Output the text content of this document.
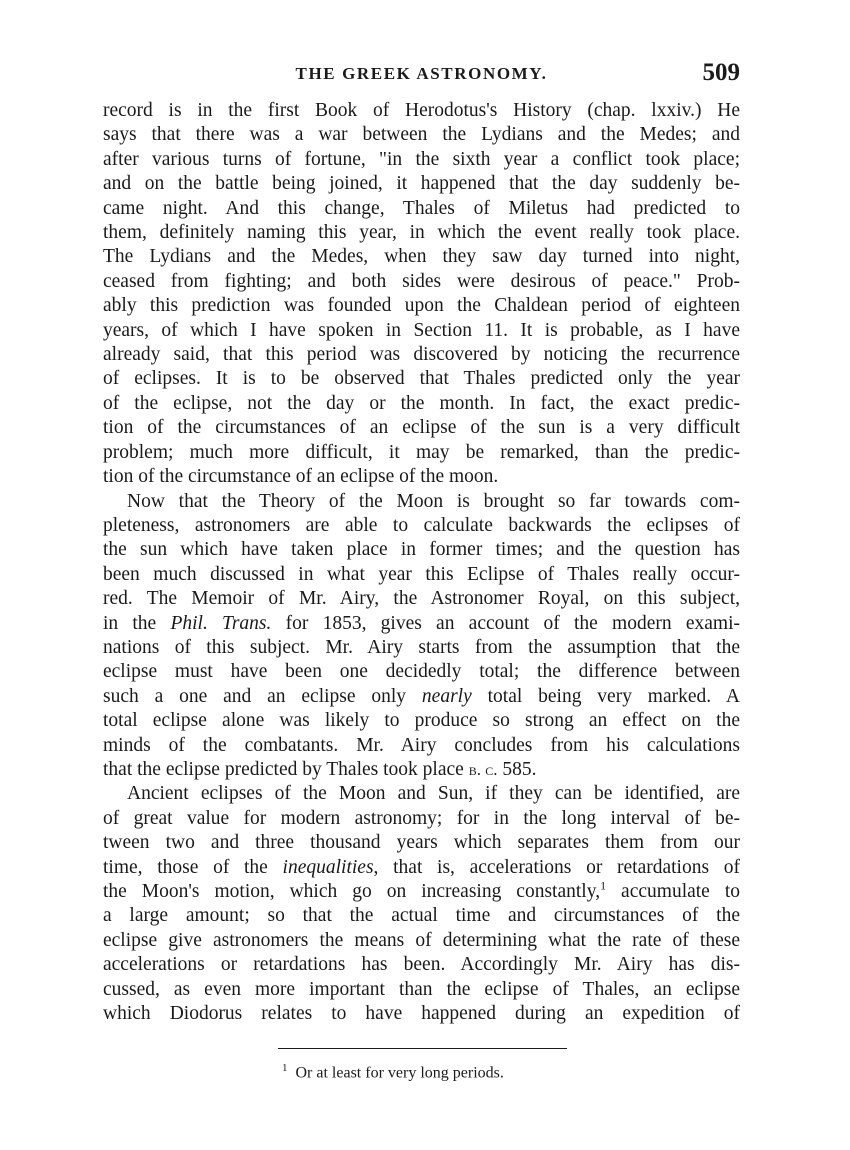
THE GREEK ASTRONOMY.	509

record is in the first Book of Herodotus's History (chap. lxxiv.) He
says that there was a war between the Lydians and the Medes; and
after various turns of fortune, "in the sixth year a conflict took place;
and on the battle being joined, it happened that the day suddenly be-
came night. And this change, Thales of Miletus had predicted to
them, definitely naming this year, in which the event really took place.
The Lydians and the Medes, when they saw day turned into night,
ceased from fighting; and both sides were desirous of peace." Prob-
ably this prediction was founded upon the Chaldean period of eighteen
years, of which I have spoken in Section 11. It is probable, as I have
already said, that this period was discovered by noticing the recurrence
of eclipses. It is to be observed that Thales predicted only the year
of the eclipse, not the day or the month. In fact, the exact predic-
tion of the circumstances of an eclipse of the sun is a very difficult
problem; much more difficult, it may be remarked, than the predic-
tion of the circumstance of an eclipse of the moon.

Now that the Theory of the Moon is brought so far towards com-
pleteness, astronomers are able to calculate backwards the eclipses of
the sun which have taken place in former times; and the question has
been much discussed in what year this Eclipse of Thales really occur-
red. The Memoir of Mr. Airy, the Astronomer Royal, on this subject,
in the Phil. Trans. for 1853, gives an account of the modern exami-
nations of this subject. Mr. Airy starts from the assumption that the
eclipse must have been one decidedly total; the difference between
such a one and an eclipse only nearly total being very marked. A
total eclipse alone was likely to produce so strong an effect on the
minds of the combatants. Mr. Airy concludes from his calculations
that the eclipse predicted by Thales took place b. c. 585.

Ancient eclipses of the Moon and Sun, if they can be identified, are
of great value for modern astronomy; for in the long interval of be-
tween two and three thousand years which separates them from our
time, those of the inequalities, that is, accelerations or retardations of
the Moon's motion, which go on increasing constantly,$^1$ accumulate to
a large amount; so that the actual time and circumstances of the
eclipse give astronomers the means of determining what the rate of these
accelerations or retardations has been. Accordingly Mr. Airy has dis-
cussed, as even more important than the eclipse of Thales, an eclipse
which Diodorus relates to have happened during an expedition of

$^1$ Or at least for very long periods.
